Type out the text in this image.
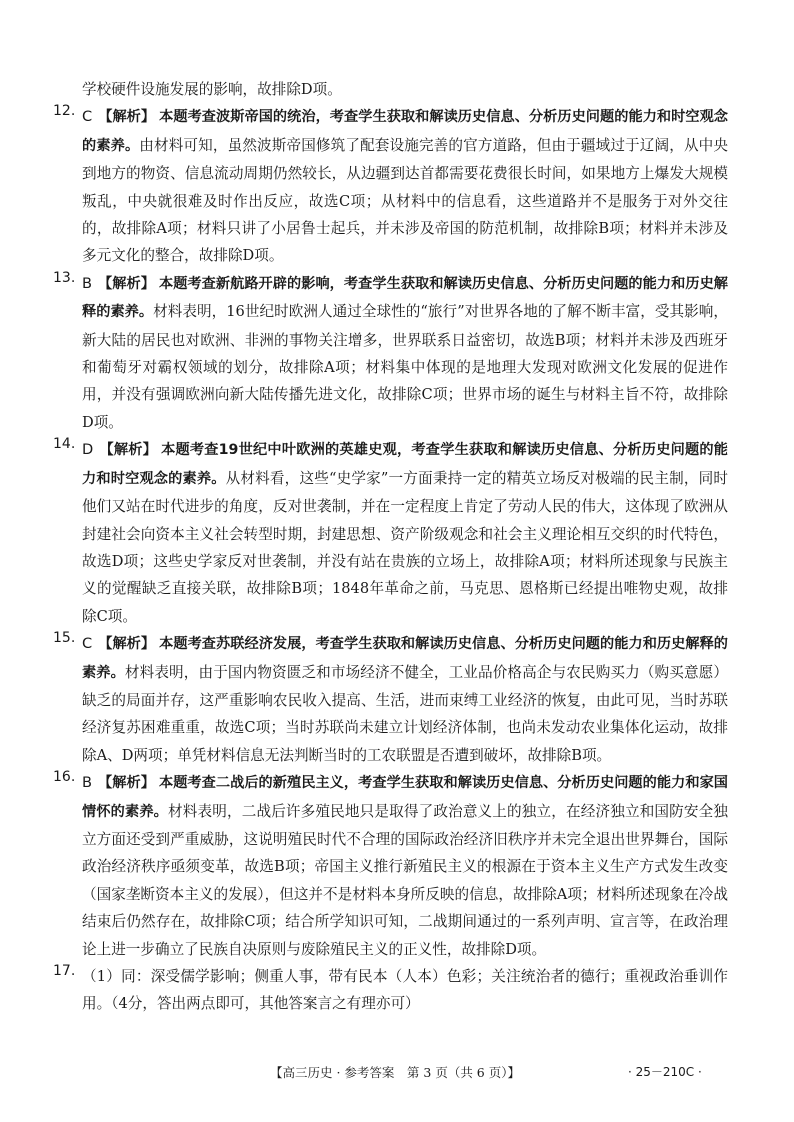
学校硬件设施发展的影响，故排除D项。

12. C 【解析】 本题考查波斯帝国的统治，考查学生获取和解读历史信息、分析历史问题的能力和时空观念的素养。由材料可知，虽然波斯帝国修筑了配套设施完善的官方道路，但由于疆域过于辽阔，从中央到地方的物资、信息流动周期仍然较长，从边疆到达首都需要花费很长时间，如果地方上爆发大规模叛乱，中央就很难及时作出反应，故选C项；从材料中的信息看，这些道路并不是服务于对外交往的，故排除A项；材料只讲了小居鲁士起兵，并未涉及帝国的防范机制，故排除B项；材料并未涉及多元文化的整合，故排除D项。

13. B 【解析】 本题考查新航路开辟的影响，考查学生获取和解读历史信息、分析历史问题的能力和历史解释的素养。材料表明，16世纪时欧洲人通过全球性的“旅行”对世界各地的了解不断丰富，受其影响，新大陆的居民也对欧洲、非洲的事物关注增多，世界联系日益密切，故选B项；材料并未涉及西班牙和葡萄牙对霸权领域的划分，故排除A项；材料集中体现的是地理大发现对欧洲文化发展的促进作用，并没有强调欧洲向新大陆传播先进文化，故排除C项；世界市场的诞生与材料主旨不符，故排除D项。

14. D 【解析】 本题考查19世纪中叶欧洲的英雄史观，考查学生获取和解读历史信息、分析历史问题的能力和时空观念的素养。从材料看，这些“史学家”一方面秉持一定的精英立场反对极端的民主制，同时他们又站在时代进步的角度，反对世袭制，并在一定程度上肯定了劳动人民的伟大，这体现了欧洲从封建社会向资本主义社会转型时期，封建思想、资产阶级观念和社会主义理论相互交织的时代特色，故选D项；这些史学家反对世袭制，并没有站在贵族的立场上，故排除A项；材料所述现象与民族主义的觉醒缺乏直接关联，故排除B项；1848年革命之前，马克思、恩格斯已经提出唯物史观，故排除C项。

15. C 【解析】 本题考查苏联经济发展，考查学生获取和解读历史信息、分析历史问题的能力和历史解释的素养。材料表明，由于国内物资匮乏和市场经济不健全，工业品价格高企与农民购买力（购买意愿）缺乏的局面并存，这严重影响农民收入提高、生活，进而束缚工业经济的恢复，由此可见，当时苏联经济复苏困难重重，故选C项；当时苏联尚未建立计划经济体制，也尚未发动农业集体化运动，故排除A、D两项；单凭材料信息无法判断当时的工农联盟是否遭到破坏，故排除B项。

16. B 【解析】 本题考查二战后的新殖民主义，考查学生获取和解读历史信息、分析历史问题的能力和家国情怀的素养。材料表明，二战后许多殖民地只是取得了政治意义上的独立，在经济独立和国防安全独立方面还受到严重威胁，这说明殖民时代不合理的国际政治经济旧秩序并未完全退出世界舞台，国际政治经济秩序亟须变革，故选B项；帝国主义推行新殖民主义的根源在于资本主义生产方式发生改变（国家垄断资本主义的发展），但这并不是材料本身所反映的信息，故排除A项；材料所述现象在冷战结束后仍然存在，故排除C项；结合所学知识可知，二战期间通过的一系列声明、宣言等，在政治理论上进一步确立了民族自决原则与废除殖民主义的正义性，故排除D项。

17. （1）同：深受儒学影响；侧重人事，带有民本（人本）色彩；关注统治者的德行；重视政治垂训作用。（4分，答出两点即可，其他答案言之有理亦可）

【高三历史 · 参考答案　第 3 页（共 6 页）】	· 25－210C ·
